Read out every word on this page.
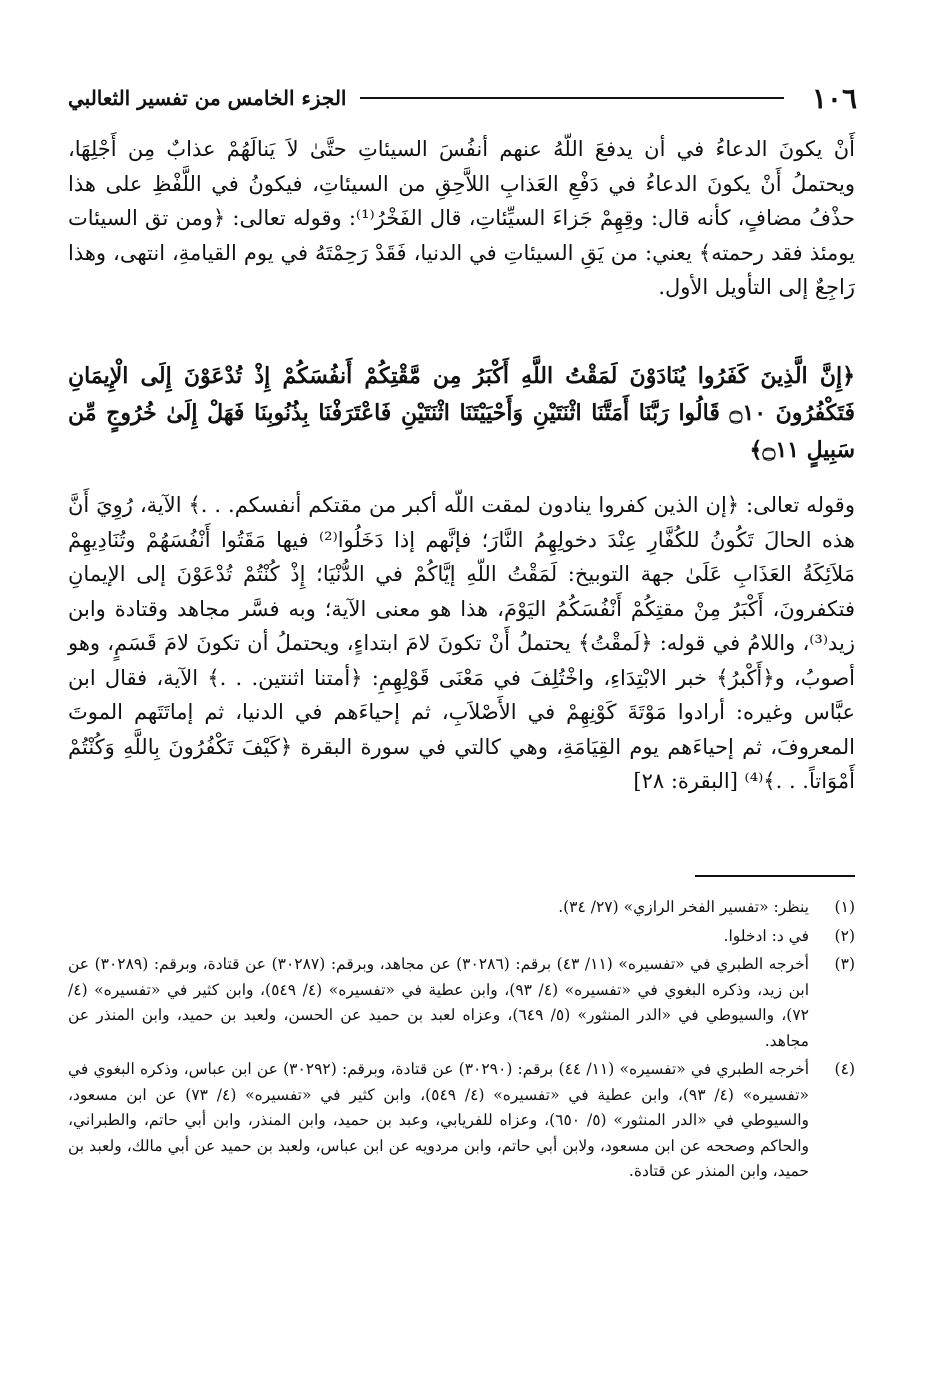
١٠٦
الجزء الخامس من تفسير الثعالبي
أَنْ يكونَ الدعاءُ في أن يدفعَ اللّهُ عنهم أنفُسَ السيئاتِ حتَّىٰ لاَ يَنالَهُمْ عذابٌ مِن أَجْلِهَا، ويحتملُ أَنْ يكونَ الدعاءُ في دَفْعِ العَذابِ اللاَّحِقِ من السيئاتِ، فيكونُ في اللَّفْظِ على هذا حذْفُ مضافٍ، كأنه قال: وقِهِمْ جَزاءَ السيِّئاتِ، قال الفَخْرُ⁽¹⁾: وقوله تعالى: ﴿ومن تق السيئات يومئذ فقد رحمته﴾ يعني: من يَقِ السيئاتِ في الدنيا، فَقَدْ رَحِمْتَهُ في يوم القيامةِ، انتهى، وهذا رَاجِعٌ إلى التأويل الأول.
﴿إِنَّ الَّذِينَ كَفَرُوا يُنَادَوْنَ لَمَقْتُ اللَّهِ أَكْبَرُ مِن مَّقْتِكُمْ أَنفُسَكُمْ إِذْ تُدْعَوْنَ إِلَى الْإِيمَانِ فَتَكْفُرُونَ ۝١٠ قَالُوا رَبَّنَا أَمَتَّنَا اثْنَتَيْنِ وَأَحْيَيْتَنَا اثْنَتَيْنِ فَاعْتَرَفْنَا بِذُنُوبِنَا فَهَلْ إِلَىٰ خُرُوجٍ مِّن سَبِيلٍ ۝١١﴾
وقوله تعالى: ﴿إن الذين كفروا ينادون لمقت اللّه أكبر من مقتكم أنفسكم. . .﴾ الآية، رُوِيَ أَنَّ هذه الحالَ تَكُونُ للكُفَّارِ عِنْدَ دخولِهِمُ النَّارَ؛ فإنَّهم إذا دَخَلُوا⁽²⁾ فيها مَقَتُوا أَنْفُسَهُمْ وتُنَادِيهِمْ مَلاَئِكَةُ العَذَابِ عَلَىٰ جهة التوبيخ: لَمَقْتُ اللّهِ إيَّاكُمْ في الدُّنْيَا؛ إِذْ كُنْتُمْ تُدْعَوْنَ إلى الإيمانِ فتكفرونَ، أَكْبَرُ مِنْ مقتِكُمْ أَنْفُسَكُمُ اليَوْمَ، هذا هو معنى الآية؛ وبه فسَّر مجاهد وقتادة وابن زيد⁽³⁾، واللامُ في قوله: ﴿لَمقْتُ﴾ يحتملُ أَنْ تكونَ لامَ ابتداءٍ، ويحتملُ أن تكونَ لامَ قَسَمٍ، وهو أصوبُ، و﴿أَكْبرُ﴾ خبر الابْتِدَاءِ، واخْتُلِفَ في مَعْنَى قَوْلِهِمِ: ﴿أمتنا اثنتين. . .﴾ الآية، فقال ابن عبَّاس وغيره: أرادوا مَوْتَةَ كَوْنِهِمْ في الأَصْلاَبِ، ثم إحياءَهم في الدنيا، ثم إماتَتَهم الموتَ المعروفَ، ثم إحياءَهم يوم القِيَامَةِ، وهي كالتي في سورة البقرة ﴿كَيْفَ تَكْفُرُونَ بِاللَّهِ وَكُنْتُمْ أَمْوَاتاً. . .﴾⁽⁴⁾ [البقرة: ٢٨]
(١)
ينظر: «تفسير الفخر الرازي» (٢٧/ ٣٤).
(٢)
في د: ادخلوا.
(٣)
أخرجه الطبري في «تفسيره» (١١/ ٤٣) برقم: (٣٠٢٨٦) عن مجاهد، وبرقم: (٣٠٢٨٧) عن قتادة، وبرقم: (٣٠٢٨٩) عن ابن زيد، وذكره البغوي في «تفسيره» (٤/ ٩٣)، وابن عطية في «تفسيره» (٤/ ٥٤٩)، وابن كثير في «تفسيره» (٤/ ٧٢)، والسيوطي في «الدر المنثور» (٥/ ٦٤٩)، وعزاه لعبد بن حميد عن الحسن، ولعبد بن حميد، وابن المنذر عن مجاهد.
(٤)
أخرجه الطبري في «تفسيره» (١١/ ٤٤) برقم: (٣٠٢٩٠) عن قتادة، وبرقم: (٣٠٢٩٢) عن ابن عباس، وذكره البغوي في «تفسيره» (٤/ ٩٣)، وابن عطية في «تفسيره» (٤/ ٥٤٩)، وابن كثير في «تفسيره» (٤/ ٧٣) عن ابن مسعود، والسيوطي في «الدر المنثور» (٥/ ٦٥٠)، وعزاه للفريابي، وعبد بن حميد، وابن المنذر، وابن أبي حاتم، والطبراني، والحاكم وصححه عن ابن مسعود، ولابن أبي حاتم، وابن مردويه عن ابن عباس، ولعبد بن حميد عن أبي مالك، ولعبد بن حميد، وابن المنذر عن قتادة.
